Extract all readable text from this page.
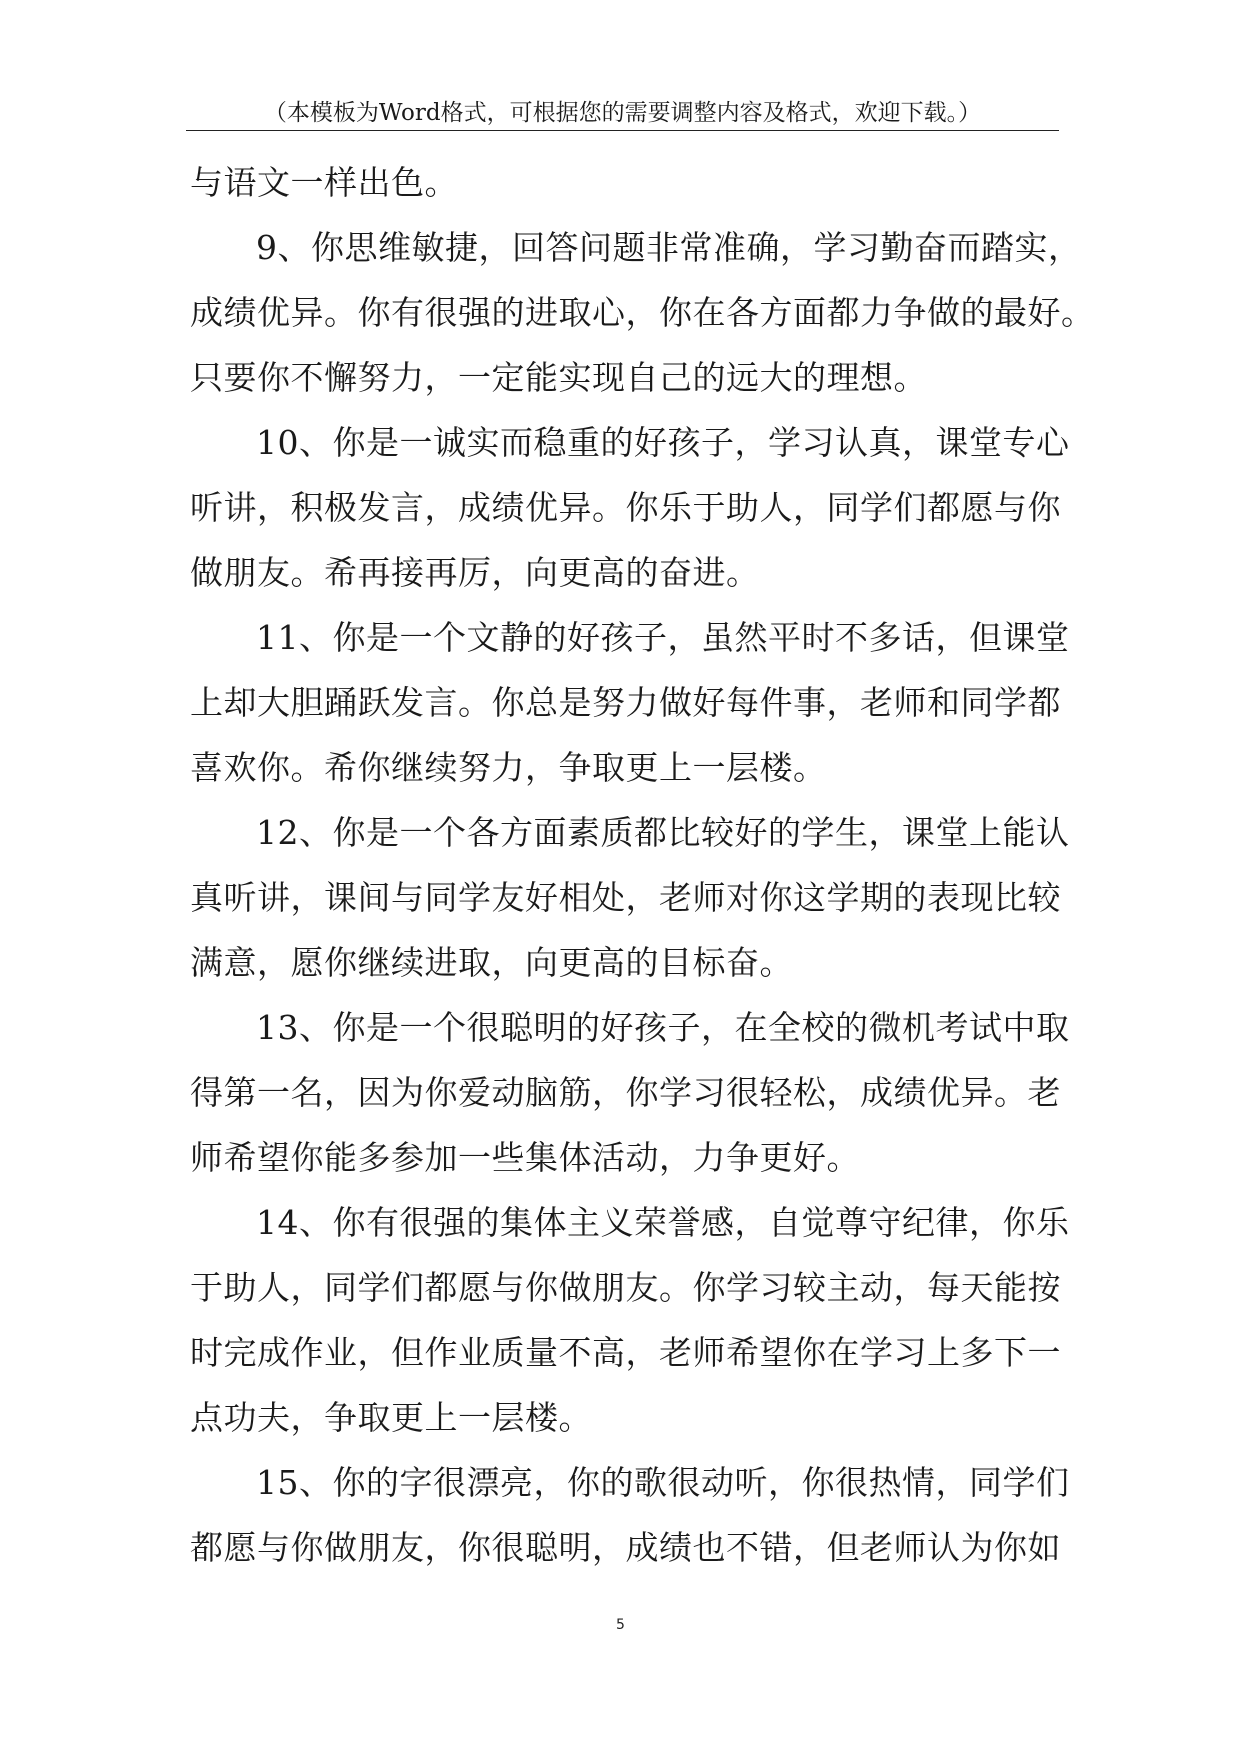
（本模板为Word格式，可根据您的需要调整内容及格式，欢迎下载。）

与语文一样出色。

9、你思维敏捷，回答问题非常准确，学习勤奋而踏实，
成绩优异。你有很强的进取心，你在各方面都力争做的最好。
只要你不懈努力，一定能实现自己的远大的理想。

10、你是一诚实而稳重的好孩子，学习认真，课堂专心
听讲，积极发言，成绩优异。你乐于助人，同学们都愿与你
做朋友。希再接再厉，向更高的奋进。

11、你是一个文静的好孩子，虽然平时不多话，但课堂
上却大胆踊跃发言。你总是努力做好每件事，老师和同学都
喜欢你。希你继续努力，争取更上一层楼。

12、你是一个各方面素质都比较好的学生，课堂上能认
真听讲，课间与同学友好相处，老师对你这学期的表现比较
满意，愿你继续进取，向更高的目标奋。

13、你是一个很聪明的好孩子，在全校的微机考试中取
得第一名，因为你爱动脑筋，你学习很轻松，成绩优异。老
师希望你能多参加一些集体活动，力争更好。

14、你有很强的集体主义荣誉感，自觉尊守纪律，你乐
于助人，同学们都愿与你做朋友。你学习较主动，每天能按
时完成作业，但作业质量不高，老师希望你在学习上多下一
点功夫，争取更上一层楼。

15、你的字很漂亮，你的歌很动听，你很热情，同学们
都愿与你做朋友，你很聪明，成绩也不错，但老师认为你如

5
